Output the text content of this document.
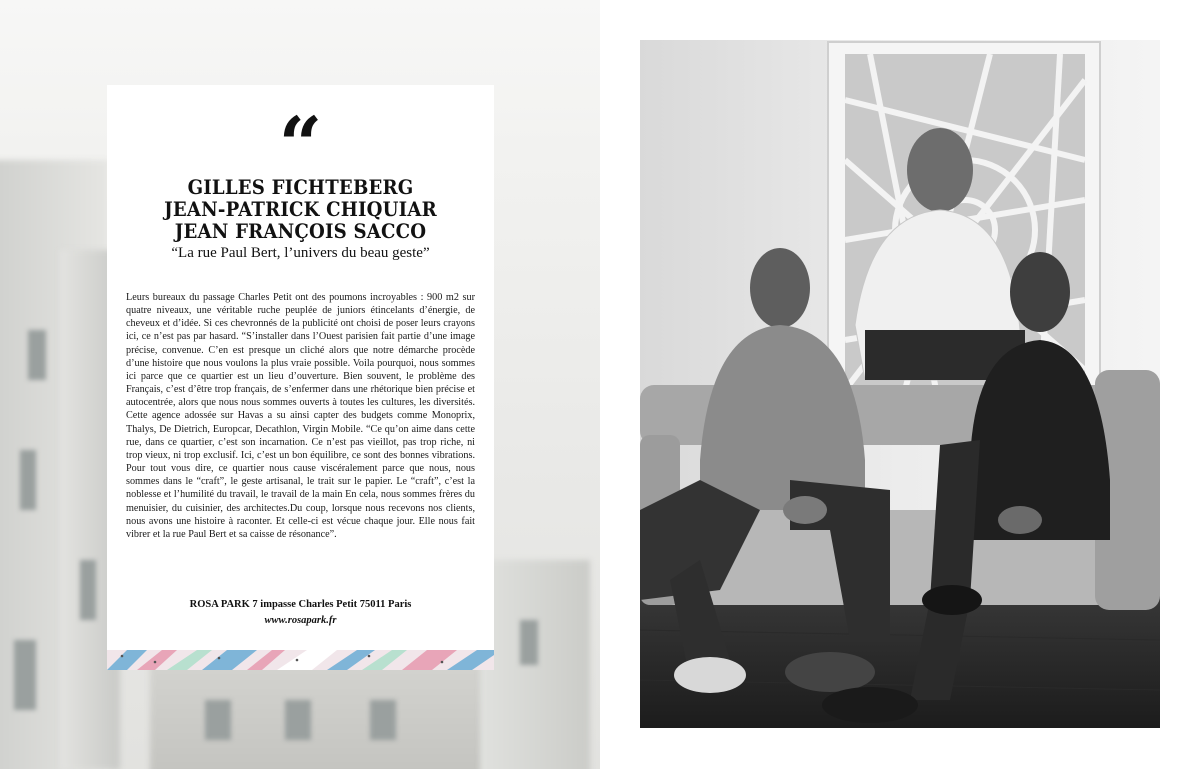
“
GILLES FICHTEBERG
JEAN-PATRICK CHIQUIAR
JEAN FRANÇOIS SACCO
“La rue Paul Bert, l’univers du beau geste”

Leurs bureaux du passage Charles Petit ont des poumons incroyables : 900 m2 sur quatre niveaux, une véritable ruche peuplée de juniors étincelants d’énergie, de cheveux et d’idée. Si ces chevronnés de la publicité ont choisi de poser leurs crayons ici, ce n’est pas par hasard. “S’installer dans l’Ouest parisien fait partie d’une image précise, convenue. C’en est presque un cliché alors que notre démarche procède d’une histoire que nous voulons la plus vraie possible. Voila pourquoi, nous sommes ici parce que ce quartier est un lieu d’ouverture. Bien souvent, le problème des Français, c’est d’être trop français, de s’enfermer dans une rhétorique bien précise et autocentrée, alors que nous nous sommes ouverts à toutes les cultures, les diversités. Cette agence adossée sur Havas a su ainsi capter des budgets comme Monoprix, Thalys, De Dietrich, Europcar, Decathlon, Virgin Mobile. “Ce qu’on aime dans cette rue, dans ce quartier, c’est son incarnation. Ce n’est pas vieillot, pas trop riche, ni trop vieux, ni trop exclusif. Ici, c’est un bon équilibre, ce sont des bonnes vibrations. Pour tout vous dire, ce quartier nous cause viscéralement parce que nous, nous sommes dans le “craft”, le geste artisanal, le trait sur le papier. Le “craft”, c’est la noblesse et l’humilité du travail, le travail de la main En cela, nous sommes frères du menuisier, du cuisinier, des architectes.Du coup, lorsque nous recevons nos clients, nous avons une histoire à raconter. Et celle-ci est vécue chaque jour. Elle nous fait vibrer et la rue Paul Bert et sa caisse de résonance”.

ROSA PARK 7 impasse Charles Petit 75011 Paris
www.rosapark.fr
